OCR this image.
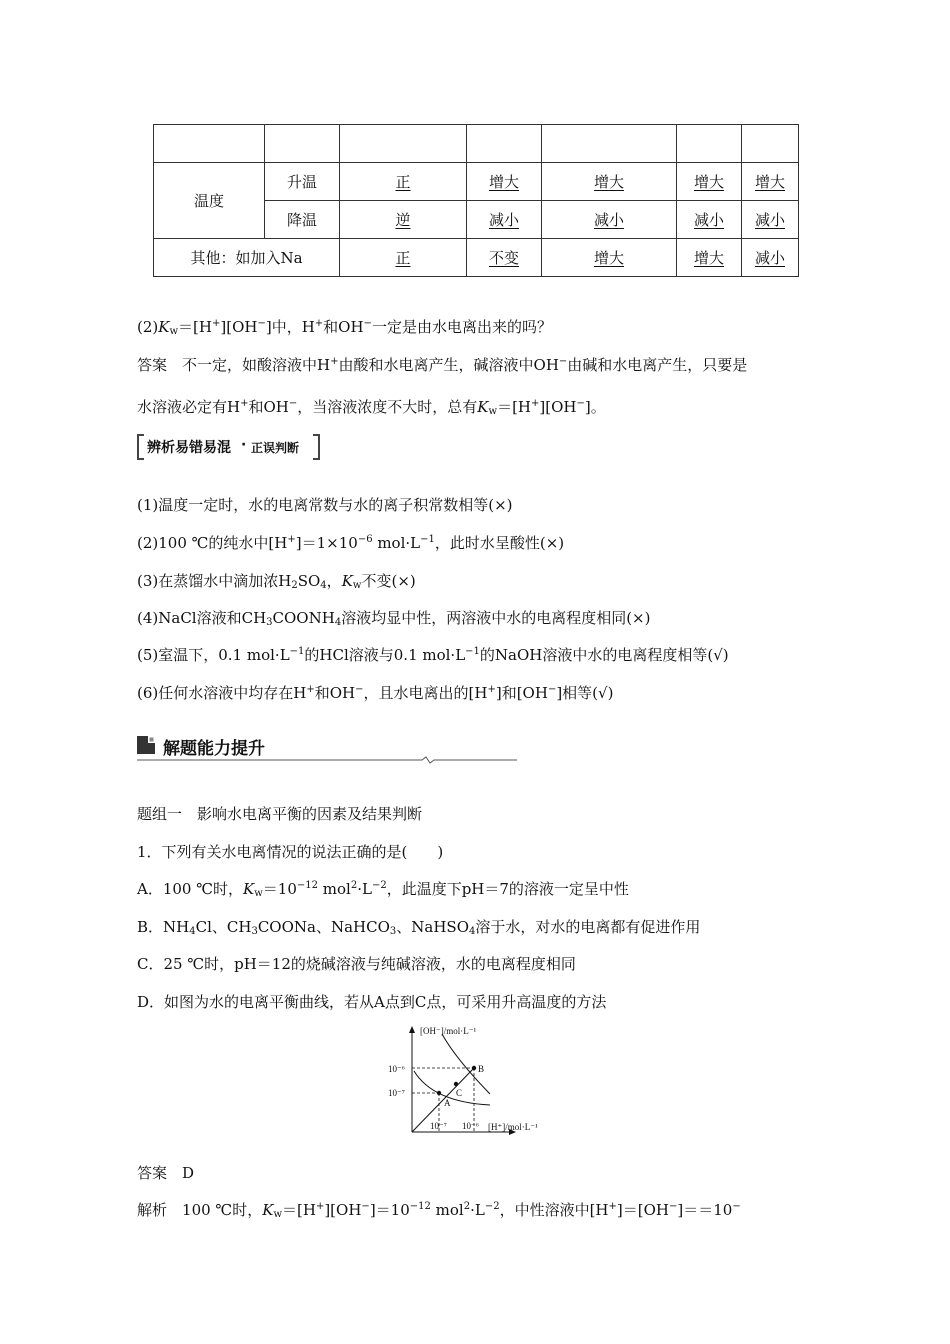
温度	升温	正	增大	增大	增大	增大
	降温	逆	减小	减小	减小	减小
其他：如加入Na		正	不变	增大	增大	减小
$(2)K_w=[H^+][OH^-]$中，H+和OH−一定是由水电离出来的吗？
答案　 不一定，如酸溶液中H+由酸和水电离产生，碱溶液中OH−由碱和水电离产生，只要是
水溶液必定有H+和OH−，当溶液浓度不大时，总有$K_w=[H^+][OH^-]$。
辨析易错易混 · 正误判断
(1)温度一定时，水的电离常数与水的离子积常数相等(×)
(2)100 ℃的纯水中$[H^+]=1\times 10^{-6}$ $mol\cdot L^{-1}$，此时水呈酸性(×)
(3)在蒸馏水中滴加浓$H_2SO_4$，$K_w$不变(×)
(4)NaCl溶液和$CH_3COONH_4$溶液均显中性，两溶液中水的电离程度相同(×)
(5)室温下，0.1 $mol\cdot L^{-1}$的HCl溶液与0.1 $mol\cdot L^{-1}$的NaOH溶液中水的电离程度相等(√)
(6)任何水溶液中均存在H+和OH−，且水电离出的[H+]和[OH−]相等(√)
解题能力提升
题组一　影响水电离平衡的因素及结果判断
1．下列有关水电离情况的说法正确的是(　　)
A．100 ℃时，$K_w=10^{-12}$ $mol^2\cdot L^{-2}$，此温度下pH＝7的溶液一定呈中性
B．$NH_4Cl$、$CH_3COONa$、NaHCO$_3$、NaHSO$_4$溶于水，对水的电离都有促进作用
C．25 ℃时，pH＝12的烧碱溶液与纯碱溶液，水的电离程度相同
D．如图为水的电离平衡曲线，若从A点到C点，可采用升高温度的方法
[OH⁻]/mol·L⁻¹
[H⁺]/mol·L⁻¹
A
C
B
10⁻⁶
10⁻⁷
10⁻⁷ 10⁻⁶
答案　 D
解析　 100 ℃时，$K_w=[H^+][OH^-]=10^{-12}$ $mol^2\cdot L^{-2}$，中性溶液中[H+]＝[OH−]＝＝10−
